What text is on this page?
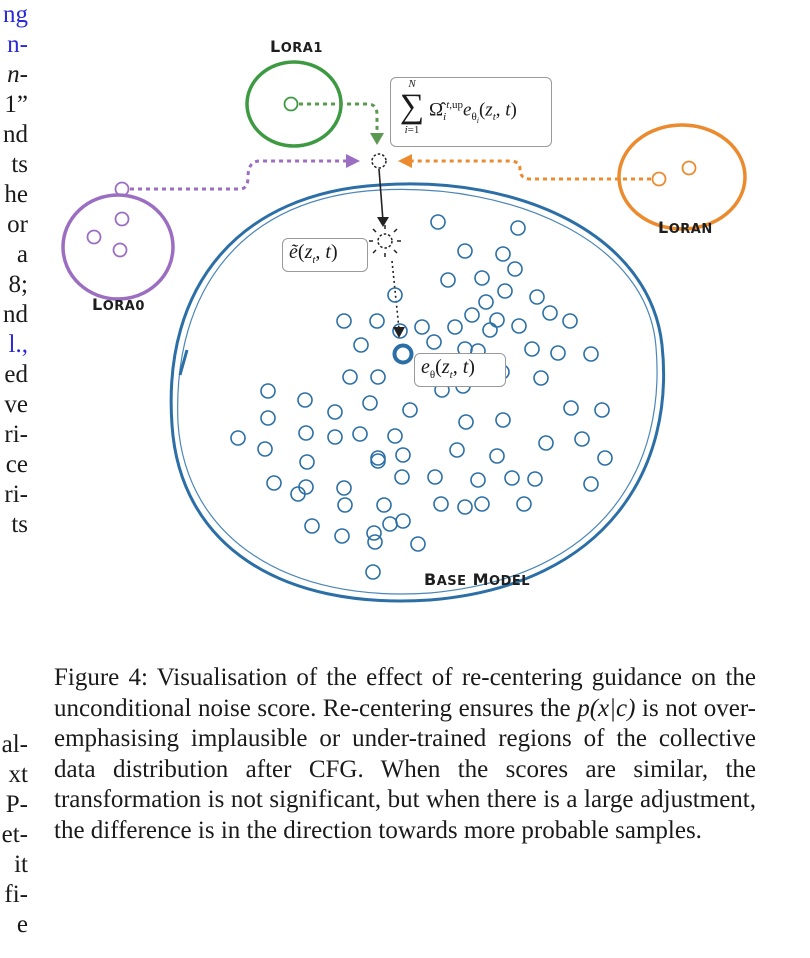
ng
n-
n-
1”
nd
ts
he
or
a
8;
nd
l.,
ed
ve
ri-
ce
ri-
ts
al-
xt
P-
et-
it
fi-
e
LORA1
LORAN
LORA0
BASE MODEL
N
∑
i=1
$\Omegâ_i^{t,up}e_{\theta_i}(z_t$, t)
$ẽ(z_t$, t)
$e_\theta(z_t$, t)
Figure 4: Visualisation of the effect of re-centering guidance on the unconditional noise score. Re-centering ensures the p(x|c) is not over-emphasising implausible or under-trained regions of the collective data distribution after CFG. When the scores are similar, the transformation is not significant, but when there is a large adjustment, the difference is in the direction towards more probable samples.
